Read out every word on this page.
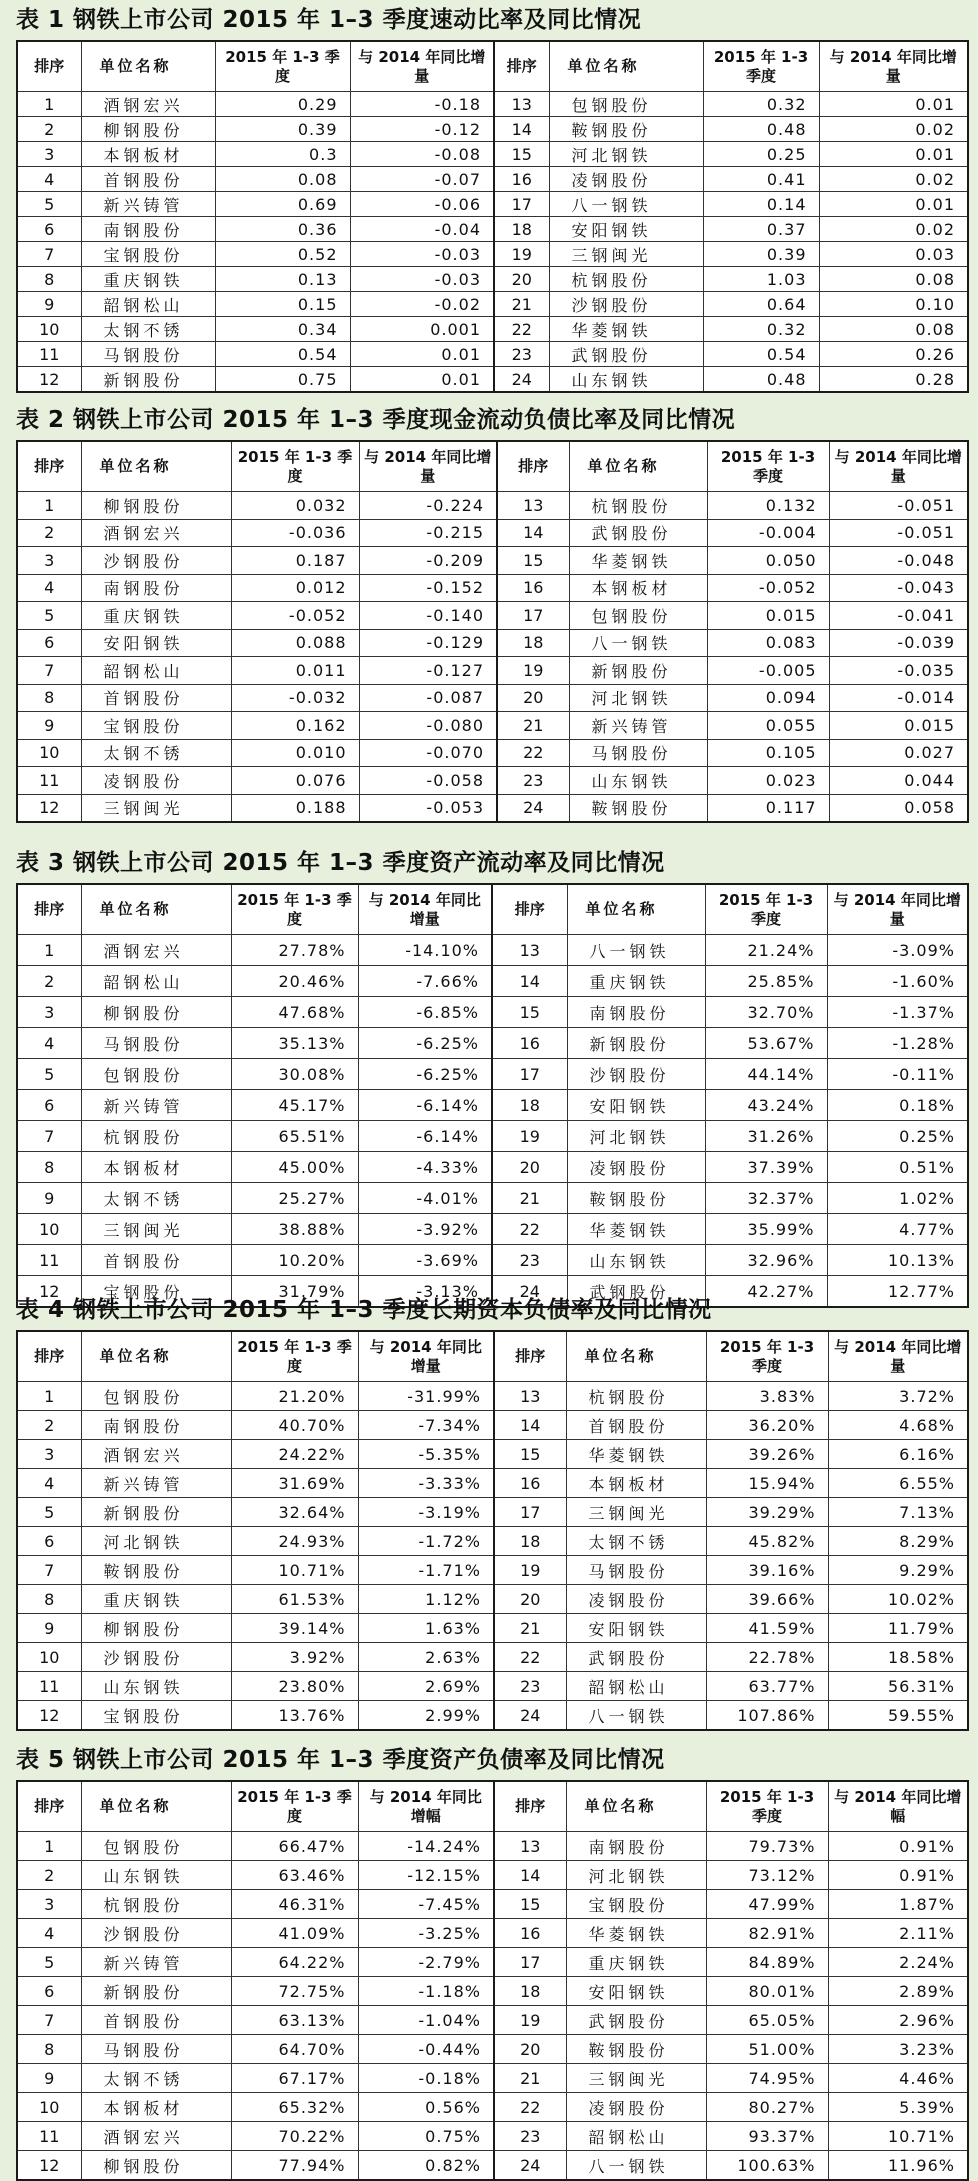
表 1 钢铁上市公司 2015 年 1–3 季度速动比率及同比情况
排序	单位名称	2015 年 1-3 季度	与 2014 年同比增量	排序	单位名称	2015 年 1-3 季度	与 2014 年同比增量
1	酒钢宏兴	0.29	-0.18	13	包钢股份	0.32	0.01
2	柳钢股份	0.39	-0.12	14	鞍钢股份	0.48	0.02
3	本钢板材	0.3	-0.08	15	河北钢铁	0.25	0.01
4	首钢股份	0.08	-0.07	16	凌钢股份	0.41	0.02
5	新兴铸管	0.69	-0.06	17	八一钢铁	0.14	0.01
6	南钢股份	0.36	-0.04	18	安阳钢铁	0.37	0.02
7	宝钢股份	0.52	-0.03	19	三钢闽光	0.39	0.03
8	重庆钢铁	0.13	-0.03	20	杭钢股份	1.03	0.08
9	韶钢松山	0.15	-0.02	21	沙钢股份	0.64	0.10
10	太钢不锈	0.34	0.001	22	华菱钢铁	0.32	0.08
11	马钢股份	0.54	0.01	23	武钢股份	0.54	0.26
12	新钢股份	0.75	0.01	24	山东钢铁	0.48	0.28
表 2 钢铁上市公司 2015 年 1–3 季度现金流动负债比率及同比情况
排序	单位名称	2015 年 1-3 季度	与 2014 年同比增量	排序	单位名称	2015 年 1-3 季度	与 2014 年同比增量
1	柳钢股份	0.032	-0.224	13	杭钢股份	0.132	-0.051
2	酒钢宏兴	-0.036	-0.215	14	武钢股份	-0.004	-0.051
3	沙钢股份	0.187	-0.209	15	华菱钢铁	0.050	-0.048
4	南钢股份	0.012	-0.152	16	本钢板材	-0.052	-0.043
5	重庆钢铁	-0.052	-0.140	17	包钢股份	0.015	-0.041
6	安阳钢铁	0.088	-0.129	18	八一钢铁	0.083	-0.039
7	韶钢松山	0.011	-0.127	19	新钢股份	-0.005	-0.035
8	首钢股份	-0.032	-0.087	20	河北钢铁	0.094	-0.014
9	宝钢股份	0.162	-0.080	21	新兴铸管	0.055	0.015
10	太钢不锈	0.010	-0.070	22	马钢股份	0.105	0.027
11	凌钢股份	0.076	-0.058	23	山东钢铁	0.023	0.044
12	三钢闽光	0.188	-0.053	24	鞍钢股份	0.117	0.058
表 3 钢铁上市公司 2015 年 1–3 季度资产流动率及同比情况
排序	单位名称	2015 年 1-3 季度	与 2014 年同比增量	排序	单位名称	2015 年 1-3 季度	与 2014 年同比增量
1	酒钢宏兴	27.78%	-14.10%	13	八一钢铁	21.24%	-3.09%
2	韶钢松山	20.46%	-7.66%	14	重庆钢铁	25.85%	-1.60%
3	柳钢股份	47.68%	-6.85%	15	南钢股份	32.70%	-1.37%
4	马钢股份	35.13%	-6.25%	16	新钢股份	53.67%	-1.28%
5	包钢股份	30.08%	-6.25%	17	沙钢股份	44.14%	-0.11%
6	新兴铸管	45.17%	-6.14%	18	安阳钢铁	43.24%	0.18%
7	杭钢股份	65.51%	-6.14%	19	河北钢铁	31.26%	0.25%
8	本钢板材	45.00%	-4.33%	20	凌钢股份	37.39%	0.51%
9	太钢不锈	25.27%	-4.01%	21	鞍钢股份	32.37%	1.02%
10	三钢闽光	38.88%	-3.92%	22	华菱钢铁	35.99%	4.77%
11	首钢股份	10.20%	-3.69%	23	山东钢铁	32.96%	10.13%
12	宝钢股份	31.79%	-3.13%	24	武钢股份	42.27%	12.77%
表 4 钢铁上市公司 2015 年 1–3 季度长期资本负债率及同比情况
排序	单位名称	2015 年 1-3 季度	与 2014 年同比增量	排序	单位名称	2015 年 1-3 季度	与 2014 年同比增量
1	包钢股份	21.20%	-31.99%	13	杭钢股份	3.83%	3.72%
2	南钢股份	40.70%	-7.34%	14	首钢股份	36.20%	4.68%
3	酒钢宏兴	24.22%	-5.35%	15	华菱钢铁	39.26%	6.16%
4	新兴铸管	31.69%	-3.33%	16	本钢板材	15.94%	6.55%
5	新钢股份	32.64%	-3.19%	17	三钢闽光	39.29%	7.13%
6	河北钢铁	24.93%	-1.72%	18	太钢不锈	45.82%	8.29%
7	鞍钢股份	10.71%	-1.71%	19	马钢股份	39.16%	9.29%
8	重庆钢铁	61.53%	1.12%	20	凌钢股份	39.66%	10.02%
9	柳钢股份	39.14%	1.63%	21	安阳钢铁	41.59%	11.79%
10	沙钢股份	3.92%	2.63%	22	武钢股份	22.78%	18.58%
11	山东钢铁	23.80%	2.69%	23	韶钢松山	63.77%	56.31%
12	宝钢股份	13.76%	2.99%	24	八一钢铁	107.86%	59.55%
表 5 钢铁上市公司 2015 年 1–3 季度资产负债率及同比情况
排序	单位名称	2015 年 1-3 季度	与 2014 年同比增幅	排序	单位名称	2015 年 1-3 季度	与 2014 年同比增幅
1	包钢股份	66.47%	-14.24%	13	南钢股份	79.73%	0.91%
2	山东钢铁	63.46%	-12.15%	14	河北钢铁	73.12%	0.91%
3	杭钢股份	46.31%	-7.45%	15	宝钢股份	47.99%	1.87%
4	沙钢股份	41.09%	-3.25%	16	华菱钢铁	82.91%	2.11%
5	新兴铸管	64.22%	-2.79%	17	重庆钢铁	84.89%	2.24%
6	新钢股份	72.75%	-1.18%	18	安阳钢铁	80.01%	2.89%
7	首钢股份	63.13%	-1.04%	19	武钢股份	65.05%	2.96%
8	马钢股份	64.70%	-0.44%	20	鞍钢股份	51.00%	3.23%
9	太钢不锈	67.17%	-0.18%	21	三钢闽光	74.95%	4.46%
10	本钢板材	65.32%	0.56%	22	凌钢股份	80.27%	5.39%
11	酒钢宏兴	70.22%	0.75%	23	韶钢松山	93.37%	10.71%
12	柳钢股份	77.94%	0.82%	24	八一钢铁	100.63%	11.96%
